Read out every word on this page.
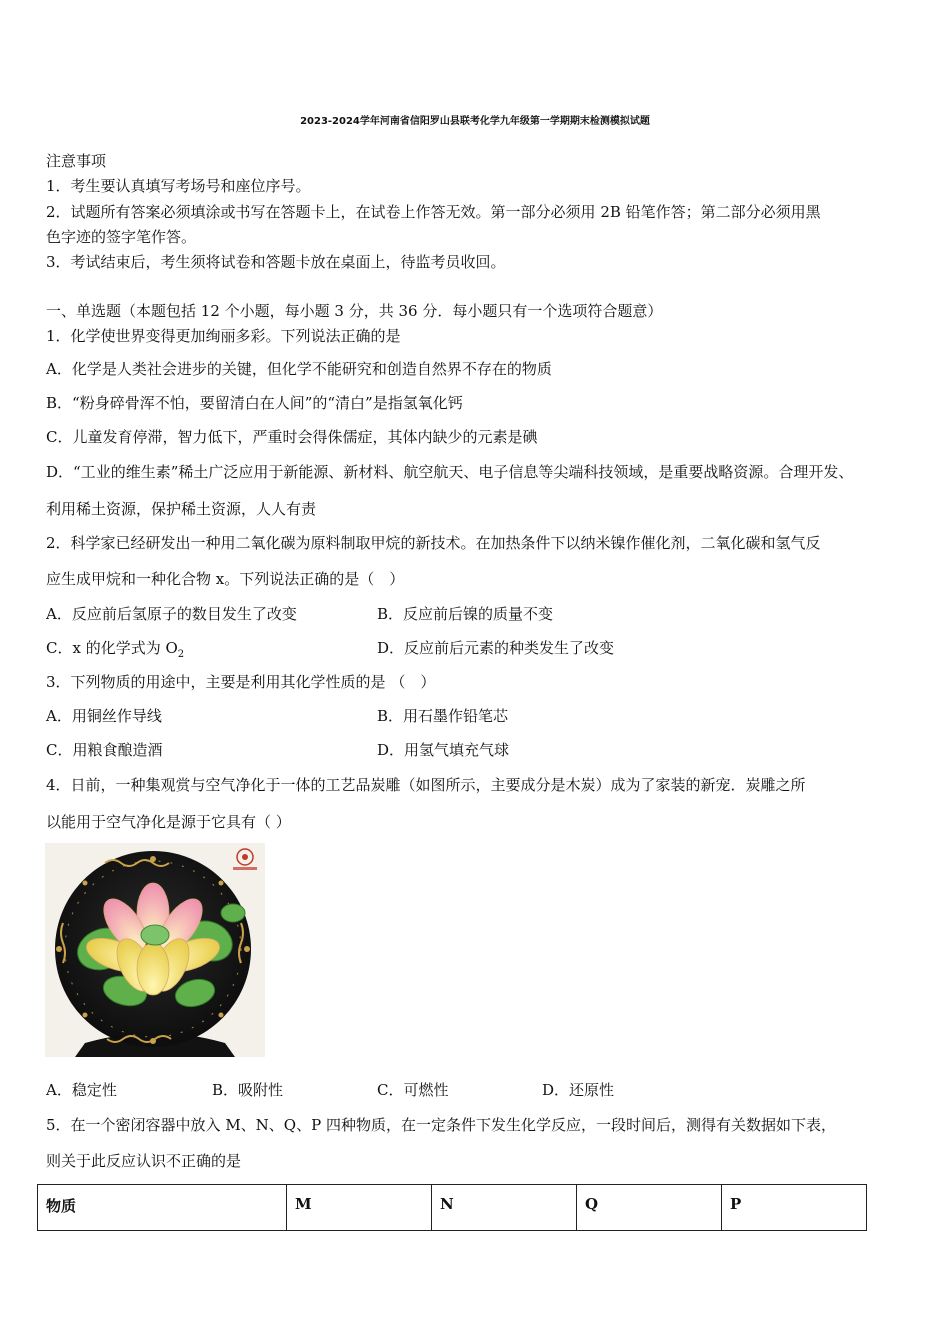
2023-2024学年河南省信阳罗山县联考化学九年级第一学期期末检测模拟试题
注意事项
1．考生要认真填写考场号和座位序号。
2．试题所有答案必须填涂或书写在答题卡上，在试卷上作答无效。第一部分必须用 2B 铅笔作答；第二部分必须用黑
色字迹的签字笔作答。
3．考试结束后，考生须将试卷和答题卡放在桌面上，待监考员收回。
一、单选题（本题包括 12 个小题，每小题 3 分，共 36 分．每小题只有一个选项符合题意）
1．化学使世界变得更加绚丽多彩。下列说法正确的是
A．化学是人类社会进步的关键，但化学不能研究和创造自然界不存在的物质
B．“粉身碎骨浑不怕，要留清白在人间”的“清白”是指氢氧化钙
C．儿童发育停滞，智力低下，严重时会得侏儒症，其体内缺少的元素是碘
D．“工业的维生素”稀土广泛应用于新能源、新材料、航空航天、电子信息等尖端科技领域，是重要战略资源。合理开发、
利用稀土资源，保护稀土资源，人人有责
2．科学家已经研发出一种用二氧化碳为原料制取甲烷的新技术。在加热条件下以纳米镍作催化剂，二氧化碳和氢气反
应生成甲烷和一种化合物 x。下列说法正确的是（　）
A．反应前后氢原子的数目发生了改变	B．反应前后镍的质量不变
C．x 的化学式为 $O_2$	D．反应前后元素的种类发生了改变
3．下列物质的用途中，主要是利用其化学性质的是 （　）
A．用铜丝作导线	B．用石墨作铅笔芯
C．用粮食酿造酒	D．用氢气填充气球
4．日前，一种集观赏与空气净化于一体的工艺品炭雕（如图所示，主要成分是木炭）成为了家装的新宠．炭雕之所
以能用于空气净化是源于它具有（ ）
A．稳定性	B．吸附性	C．可燃性	D．还原性
5．在一个密闭容器中放入 M、N、Q、P 四种物质，在一定条件下发生化学反应，一段时间后，测得有关数据如下表，
则关于此反应认识不正确的是
物质	M	N	Q	P
